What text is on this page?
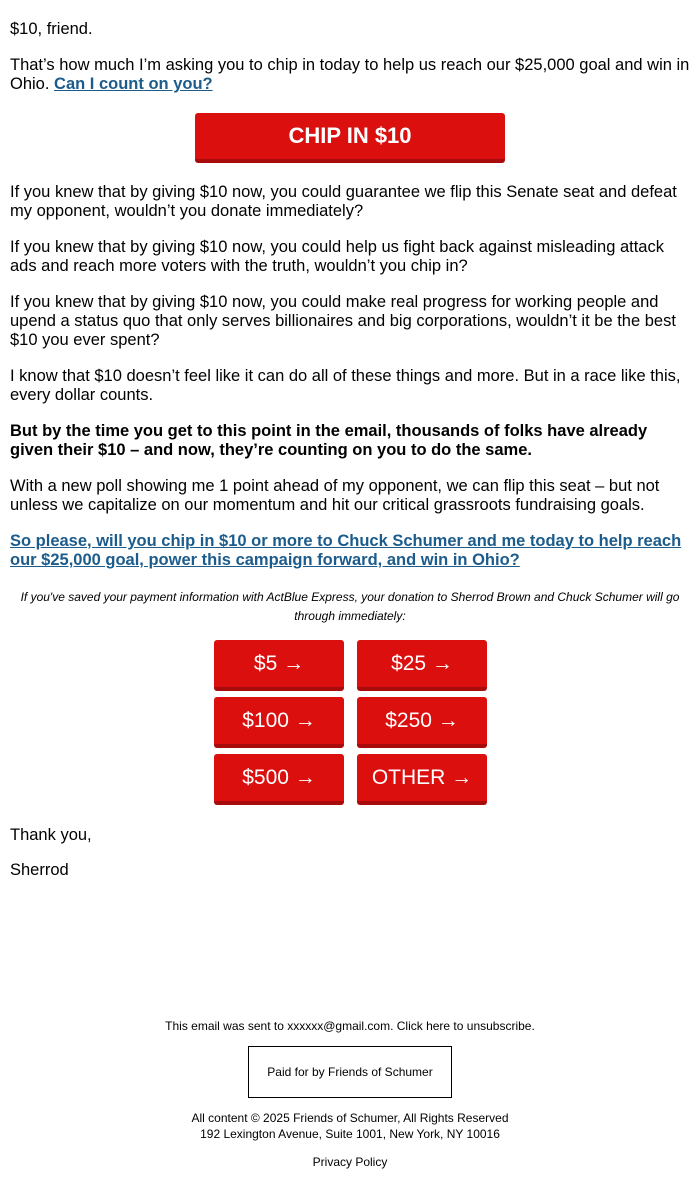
$10, friend.

That’s how much I’m asking you to chip in today to help us reach our $25,000 goal and win in Ohio. Can I count on you?

CHIP IN $10

If you knew that by giving $10 now, you could guarantee we flip this Senate seat and defeat my opponent, wouldn’t you donate immediately?

If you knew that by giving $10 now, you could help us fight back against misleading attack ads and reach more voters with the truth, wouldn’t you chip in?

If you knew that by giving $10 now, you could make real progress for working people and upend a status quo that only serves billionaires and big corporations, wouldn’t it be the best $10 you ever spent?

I know that $10 doesn’t feel like it can do all of these things and more. But in a race like this, every dollar counts.

But by the time you get to this point in the email, thousands of folks have already given their $10 – and now, they’re counting on you to do the same.

With a new poll showing me 1 point ahead of my opponent, we can flip this seat – but not unless we capitalize on our momentum and hit our critical grassroots fundraising goals.

So please, will you chip in $10 or more to Chuck Schumer and me today to help reach our $25,000 goal, power this campaign forward, and win in Ohio?

If you've saved your payment information with ActBlue Express, your donation to Sherrod Brown and Chuck Schumer will go through immediately:
$5 →	$25 →
$100 →	$250 →
$500 →	OTHER →

Thank you,

Sherrod

This email was sent to xxxxxx@gmail.com. Click here to unsubscribe.
Paid for by Friends of Schumer
All content © 2025 Friends of Schumer, All Rights Reserved
192 Lexington Avenue, Suite 1001, New York, NY 10016
Privacy Policy
